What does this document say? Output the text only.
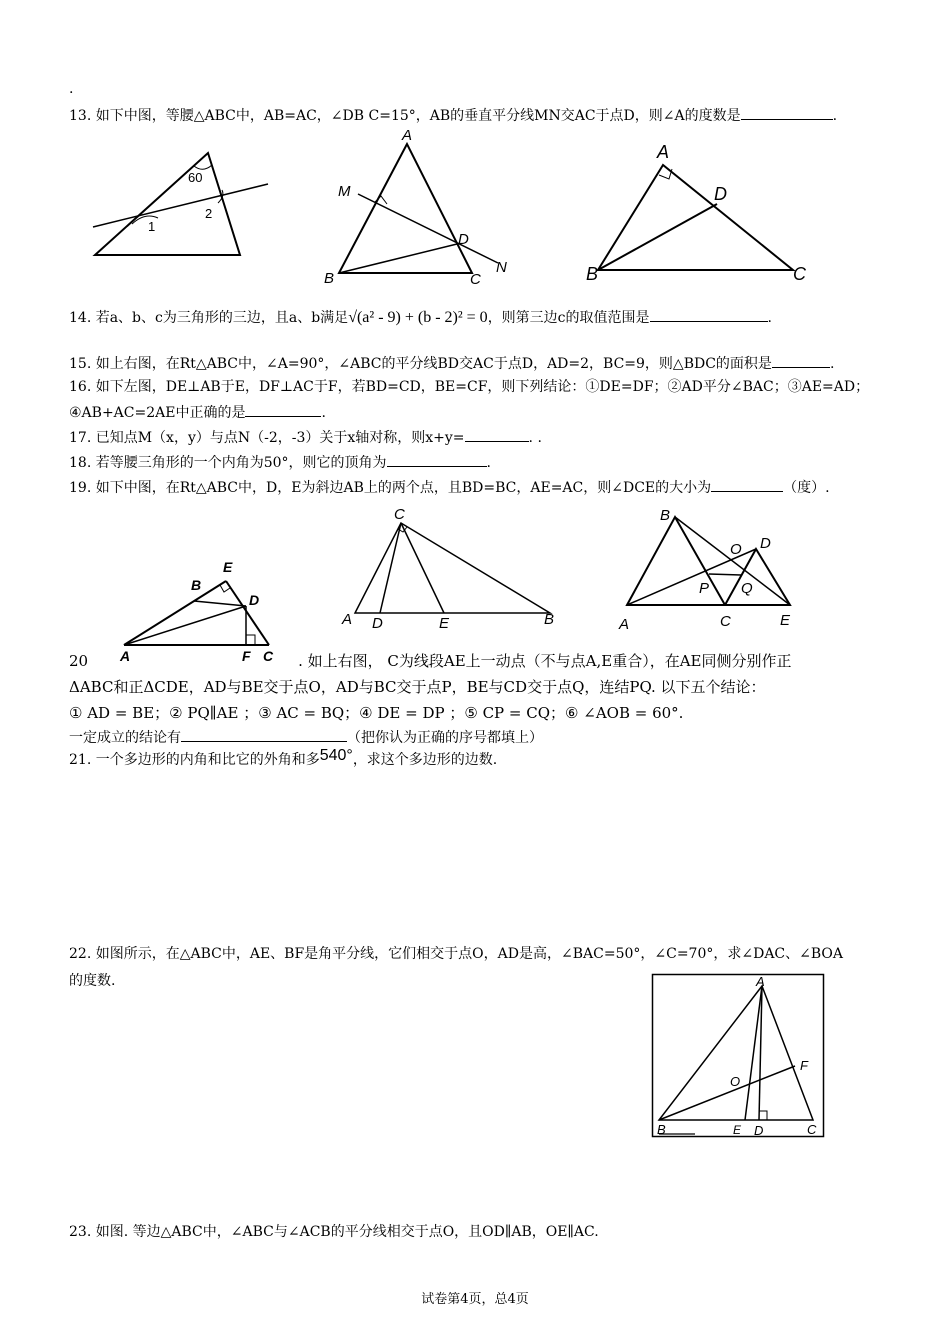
.
13. 如下中图，等腰△ABC中，AB=AC，∠DB C=15°，AB的垂直平分线MN交AC于点D，则∠A的度数是	.
60
1
2
A
M
D
B	C
N
A
D
B	C
14. 若a、b、c为三角形的三边，且a、b满足√(a² - 9) + (b - 2)² = 0，则第三边c的取值范围是	.
15. 如上右图，在Rt△ABC中，∠A=90°，∠ABC的平分线BD交AC于点D，AD=2，BC=9，则△BDC的面积是	.
16. 如下左图，DE⊥AB于E，DF⊥AC于F，若BD=CD，BE=CF，则下列结论：①DE=DF；②AD平分∠BAC；③AE=AD；
④AB+AC=2AE中正确的是	.
17. 已知点M（x，y）与点N（-2，-3）关于x轴对称，则x+y=	. .
18. 若等腰三角形的一个内角为50°，则它的顶角为	.
19. 如下中图，在Rt△ABC中，D，E为斜边AB上的两个点，且BD=BC，AE=AC，则∠DCE的大小为	（度）.
E
B
D
A	F C
C
A D	E	B
B
O D
P Q
A	C	E
20	. 如上右图， C为线段AE上一动点（不与点A,E重合），在AE同侧分别作正
ΔABC和正ΔCDE，AD与BE交于点O，AD与BC交于点P，BE与CD交于点Q，连结PQ. 以下五个结论：
① AD = BE；② PQ∥AE ；③ AC = BQ；④ DE = DP ；⑤ CP = CQ；⑥ ∠AOB = 60°.
一定成立的结论有	（把你认为正确的序号都填上）
21. 一个多边形的内角和比它的外角和多540°，求这个多边形的边数.
22. 如图所示，在△ABC中，AE、BF是角平分线，它们相交于点O，AD是高，∠BAC=50°，∠C=70°，求∠DAC、∠BOA
的度数.	A
F
O
B	E D	C
23. 如图. 等边△ABC中，∠ABC与∠ACB的平分线相交于点O，且OD∥AB，OE∥AC.
试卷第4页，总4页
